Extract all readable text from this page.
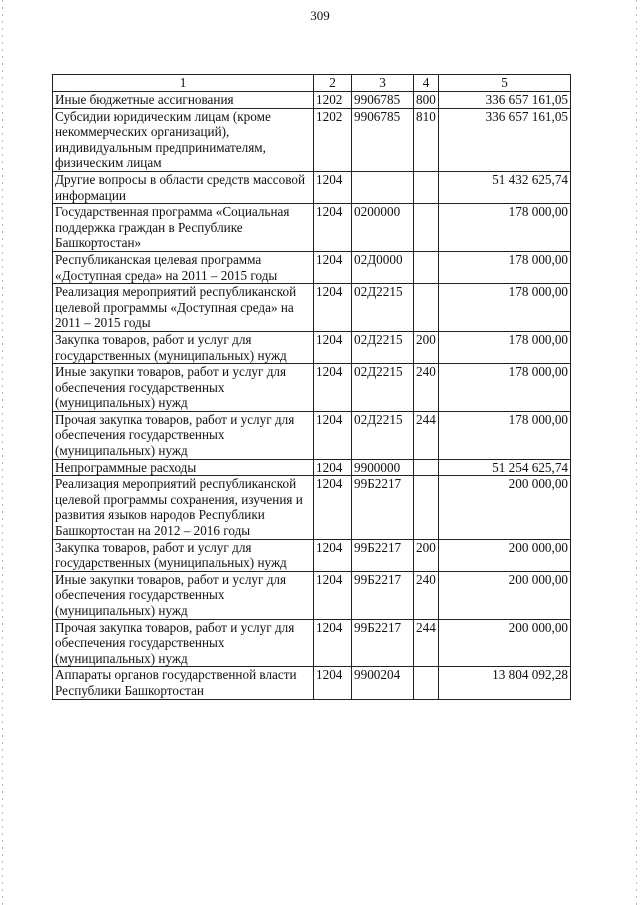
309
1	2	3	4	5
Иные бюджетные ассигнования	1202	9906785	800	336 657 161,05
Субсидии юридическим лицам (кроме некоммерческих организаций), индивидуальным предпринимателям, физическим лицам	1202	9906785	810	336 657 161,05
Другие вопросы в области средств массовой информации	1204			51 432 625,74
Государственная программа «Социальная поддержка граждан в Республике Башкортостан»	1204	0200000		178 000,00
Республиканская целевая программа «Доступная среда» на 2011 – 2015 годы	1204	02Д0000		178 000,00
Реализация мероприятий республиканской целевой программы «Доступная среда» на 2011 – 2015 годы	1204	02Д2215		178 000,00
Закупка товаров, работ и услуг для государственных (муниципальных) нужд	1204	02Д2215	200	178 000,00
Иные закупки товаров, работ и услуг для обеспечения государственных (муниципальных) нужд	1204	02Д2215	240	178 000,00
Прочая закупка товаров, работ и услуг для обеспечения государственных (муниципальных) нужд	1204	02Д2215	244	178 000,00
Непрограммные расходы	1204	9900000		51 254 625,74
Реализация мероприятий республиканской целевой программы сохранения, изучения и развития языков народов Республики Башкортостан на 2012 – 2016 годы	1204	99Б2217		200 000,00
Закупка товаров, работ и услуг для государственных (муниципальных) нужд	1204	99Б2217	200	200 000,00
Иные закупки товаров, работ и услуг для обеспечения государственных (муниципальных) нужд	1204	99Б2217	240	200 000,00
Прочая закупка товаров, работ и услуг для обеспечения государственных (муниципальных) нужд	1204	99Б2217	244	200 000,00
Аппараты органов государственной власти Республики Башкортостан	1204	9900204		13 804 092,28
